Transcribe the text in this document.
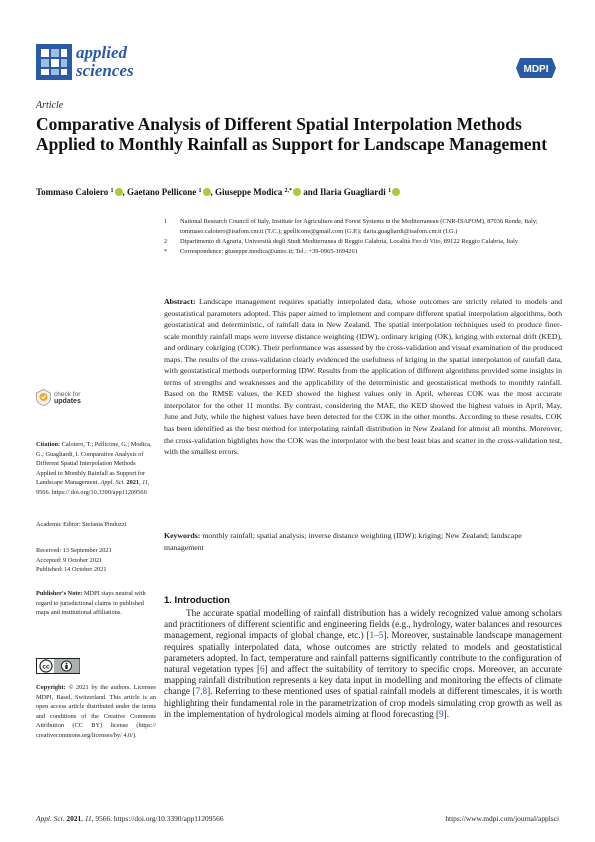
applied
sciences	MDPI
Article
Comparative Analysis of Different Spatial Interpolation Methods Applied to Monthly Rainfall as Support for Landscape Management
Tommaso Caloiero $^1$ , Gaetano Pellicone $^1$ , Giuseppe Modica $^{2,*}$ and Ilaria Guagliardi $^1$
1	National Research Council of Italy, Institute for Agriculture and Forest Systems in the Mediterranean (CNR-ISAFOM), 87036 Rende, Italy; tommaso.caloiero@isafom.cnr.it (T.C.); gpellicone@gmail.com (G.P.); ilaria.guagliardi@isafom.cnr.it (I.G.)
2	Dipartimento di Agraria, Università degli Studi Mediterranea di Reggio Calabria, Località Feo di Vito, 89122 Reggio Calabria, Italy
*	Correspondence: giuseppe.modica@unirc.it; Tel.: +39-0965-1694261
Abstract: Landscape management requires spatially interpolated data, whose outcomes are strictly related to models and geostatistical parameters adopted. This paper aimed to implement and compare different spatial interpolation algorithms, both geostatistical and deterministic, of rainfall data in New Zealand. The spatial interpolation techniques used to produce finer-scale monthly rainfall maps were inverse distance weighting (IDW), ordinary kriging (OK), kriging with external drift (KED), and ordinary cokriging (COK). Their performance was assessed by the cross-validation and visual examination of the produced maps. The results of the cross-validation clearly evidenced the usefulness of kriging in the spatial interpolation of rainfall data, with geostatistical methods outperforming IDW. Results from the application of different algorithms provided some insights in terms of strengths and weaknesses and the applicability of the deterministic and geostatistical methods to monthly rainfall. Based on the RMSE values, the KED showed the highest values only in April, whereas COK was the most accurate interpolator for the other 11 months. By contrast, considering the MAE, the KED showed the highest values in April, May, June and July, while the highest values have been detected for the COK in the other months. According to these results, COK has been identified as the best method for interpolating rainfall distribution in New Zealand for almost all months. Moreover, the cross-validation highlights how the COK was the interpolator with the best least bias and scatter in the cross-validation test, with the smallest errors.
Keywords: monthly rainfall; spatial analysis; inverse distance weighting (IDW); kriging; New Zealand; landscape management
check for
updates
Citation: Caloiero, T.; Pellicone, G.; Modica, G.; Guagliardi, I. Comparative Analysis of Different Spatial Interpolation Methods Applied to Monthly Rainfall as Support for Landscape Management. Appl. Sci. 2021, 11, 9566. https:// doi.org/10.3390/app11209566
Academic Editor: Stefania Pindozzi
Received: 13 September 2021
Accepted: 9 October 2021
Published: 14 October 2021
Publisher's Note: MDPI stays neutral with regard to jurisdictional claims in published maps and institutional affiliations.
cc
Copyright: © 2021 by the authors. Licensee MDPI, Basel, Switzerland. This article is an open access article distributed under the terms and conditions of the Creative Commons Attribution (CC BY) license (https:// creativecommons.org/licenses/by/ 4.0/).
1. Introduction
The accurate spatial modelling of rainfall distribution has a widely recognized value among scholars and practitioners of different scientific and engineering fields (e.g., hydrology, water balances and resources management, regional impacts of global change, etc.) [1–5]. Moreover, sustainable landscape management requires spatially interpolated data, whose outcomes are strictly related to models and geostatistical parameters adopted. In fact, temperature and rainfall patterns significantly contribute to the configuration of natural vegetation types [6] and affect the suitability of territory to specific crops. Moreover, an accurate mapping rainfall distribution represents a key data input in modelling and monitoring the effects of climate change [7,8]. Referring to these mentioned uses of spatial rainfall models at different timescales, it is worth highlighting their fundamental role in the parametrization of crop models simulating crop growth as well as in the implementation of hydrological models aiming at flood forecasting [9].
Appl. Sci. 2021, 11, 9566. https://doi.org/10.3390/app11209566	https://www.mdpi.com/journal/applsci
